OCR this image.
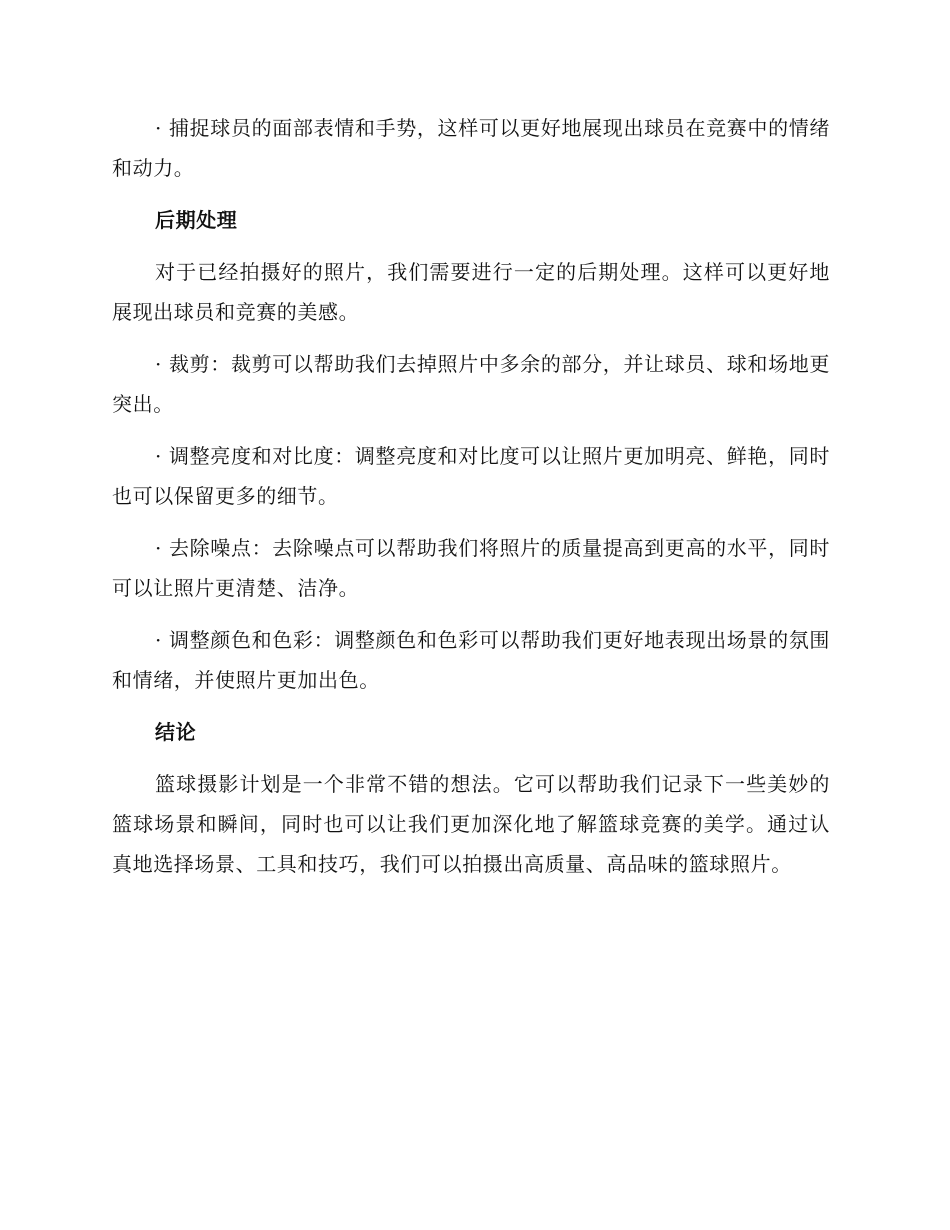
· 捕捉球员的面部表情和手势，这样可以更好地展现出球员在竞赛中的情绪和动力。

后期处理

对于已经拍摄好的照片，我们需要进行一定的后期处理。这样可以更好地展现出球员和竞赛的美感。

· 裁剪：裁剪可以帮助我们去掉照片中多余的部分，并让球员、球和场地更突出。

· 调整亮度和对比度：调整亮度和对比度可以让照片更加明亮、鲜艳，同时也可以保留更多的细节。

· 去除噪点：去除噪点可以帮助我们将照片的质量提高到更高的水平，同时可以让照片更清楚、洁净。

· 调整颜色和色彩：调整颜色和色彩可以帮助我们更好地表现出场景的氛围和情绪，并使照片更加出色。

结论

篮球摄影计划是一个非常不错的想法。它可以帮助我们记录下一些美妙的篮球场景和瞬间，同时也可以让我们更加深化地了解篮球竞赛的美学。通过认真地选择场景、工具和技巧，我们可以拍摄出高质量、高品味的篮球照片。
